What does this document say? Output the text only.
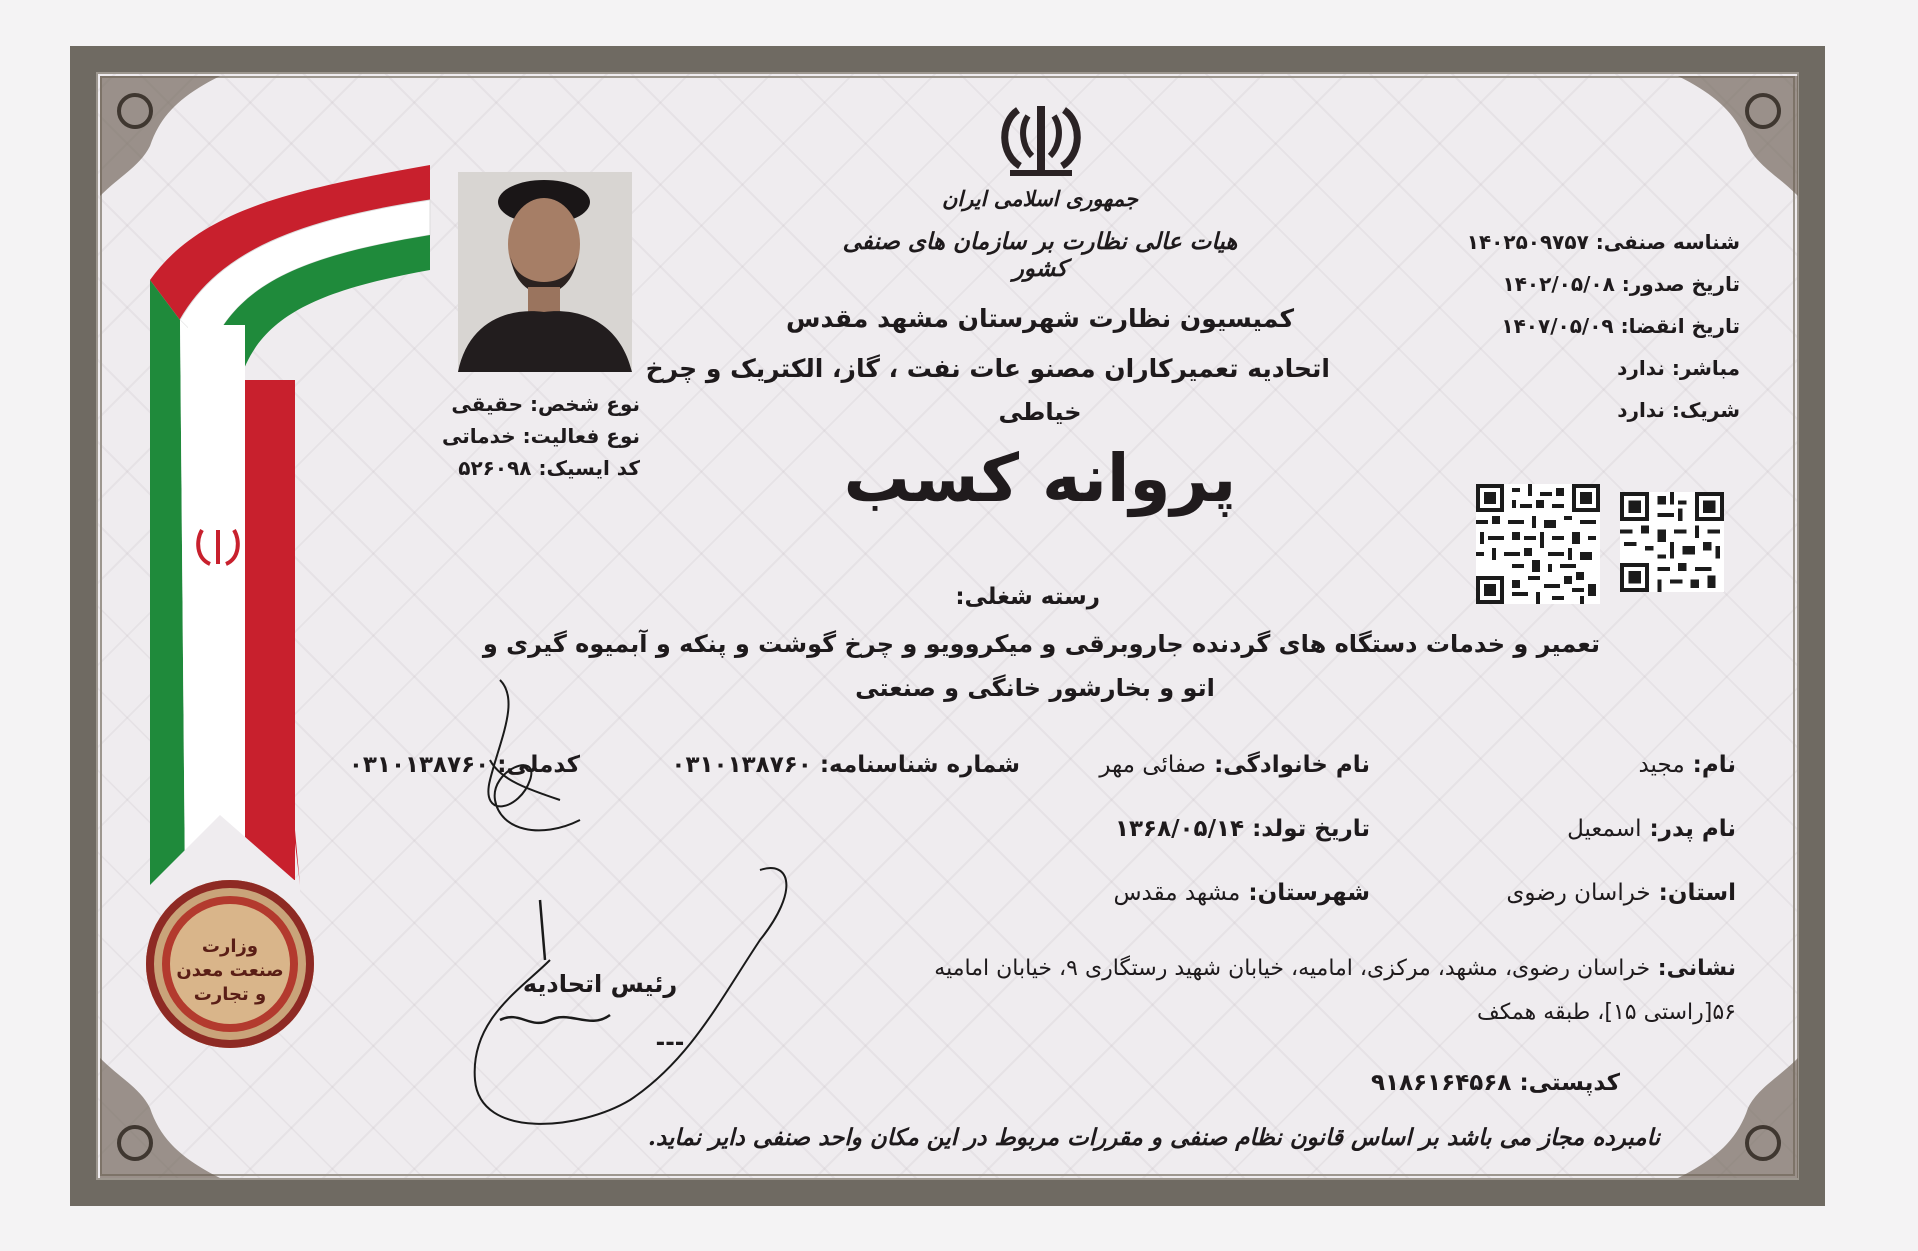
وزارت صنعت معدن و تجارت
جمهوری اسلامی ایران
هیات عالی نظارت بر سازمان های صنفی کشور
کمیسیون نظارت شهرستان مشهد مقدس
اتحادیه تعمیرکاران مصنو عات نفت ، گاز، الکتریک و چرخ
خیاطی
پروانه کسب
نوع شخص: حقیقی
نوع فعالیت: خدماتی
کد ایسیک: ۵۲۶۰۹۸
شناسه صنفی: ۱۴۰۲۵۰۹۷۵۷
تاریخ صدور: ۱۴۰۲/۰۵/۰۸
تاریخ انقضا: ۱۴۰۷/۰۵/۰۹
مباشر: ندارد
شریک: ندارد
رسته شغلی:
تعمیر و خدمات دستگاه های گردنده جاروبرقی و میکروویو و چرخ گوشت و پنکه و آبمیوه گیری و
اتو و بخارشور خانگی و صنعتی
نام: مجید
نام خانوادگی: صفائی مهر
شماره شناسنامه: ۰۳۱۰۱۳۸۷۶۰
کدملی: ۰۳۱۰۱۳۸۷۶۰
نام پدر: اسمعیل
تاریخ تولد: ۱۳۶۸/۰۵/۱۴
استان: خراسان رضوی
شهرستان: مشهد مقدس
نشانی: خراسان رضوی، مشهد، مرکزی، امامیه، خیابان شهید رستگاری ۹، خیابان امامیه
۵۶[راستی ۱۵]، طبقه همکف
کدپستی: ۹۱۸۶۱۶۴۵۶۸
رئیس اتحادیه
---
نامبرده مجاز می باشد بر اساس قانون نظام صنفی و مقررات مربوط در این مکان واحد صنفی دایر نماید.
